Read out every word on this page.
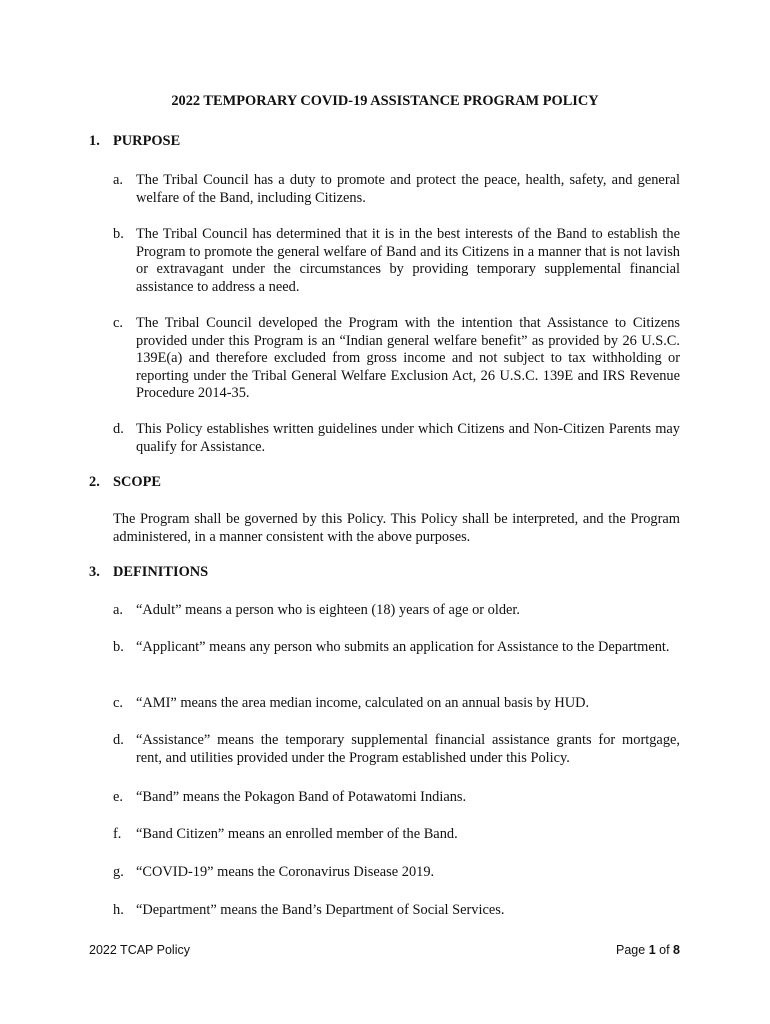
2022 TEMPORARY COVID-19 ASSISTANCE PROGRAM POLICY
1. PURPOSE
a. The Tribal Council has a duty to promote and protect the peace, health, safety, and general welfare of the Band, including Citizens.
b. The Tribal Council has determined that it is in the best interests of the Band to establish the Program to promote the general welfare of Band and its Citizens in a manner that is not lavish or extravagant under the circumstances by providing temporary supplemental financial assistance to address a need.
c. The Tribal Council developed the Program with the intention that Assistance to Citizens provided under this Program is an “Indian general welfare benefit” as provided by 26 U.S.C. 139E(a) and therefore excluded from gross income and not subject to tax withholding or reporting under the Tribal General Welfare Exclusion Act, 26 U.S.C. 139E and IRS Revenue Procedure 2014-35.
d. This Policy establishes written guidelines under which Citizens and Non-Citizen Parents may qualify for Assistance.
2. SCOPE
The Program shall be governed by this Policy. This Policy shall be interpreted, and the Program administered, in a manner consistent with the above purposes.
3. DEFINITIONS
a. “Adult” means a person who is eighteen (18) years of age or older.
b. “Applicant” means any person who submits an application for Assistance to the Department.
c. “AMI” means the area median income, calculated on an annual basis by HUD.
d. “Assistance” means the temporary supplemental financial assistance grants for mortgage, rent, and utilities provided under the Program established under this Policy.
e. “Band” means the Pokagon Band of Potawatomi Indians.
f. “Band Citizen” means an enrolled member of the Band.
g. “COVID-19” means the Coronavirus Disease 2019.
h. “Department” means the Band’s Department of Social Services.
2022 TCAP Policy	Page 1 of 8
